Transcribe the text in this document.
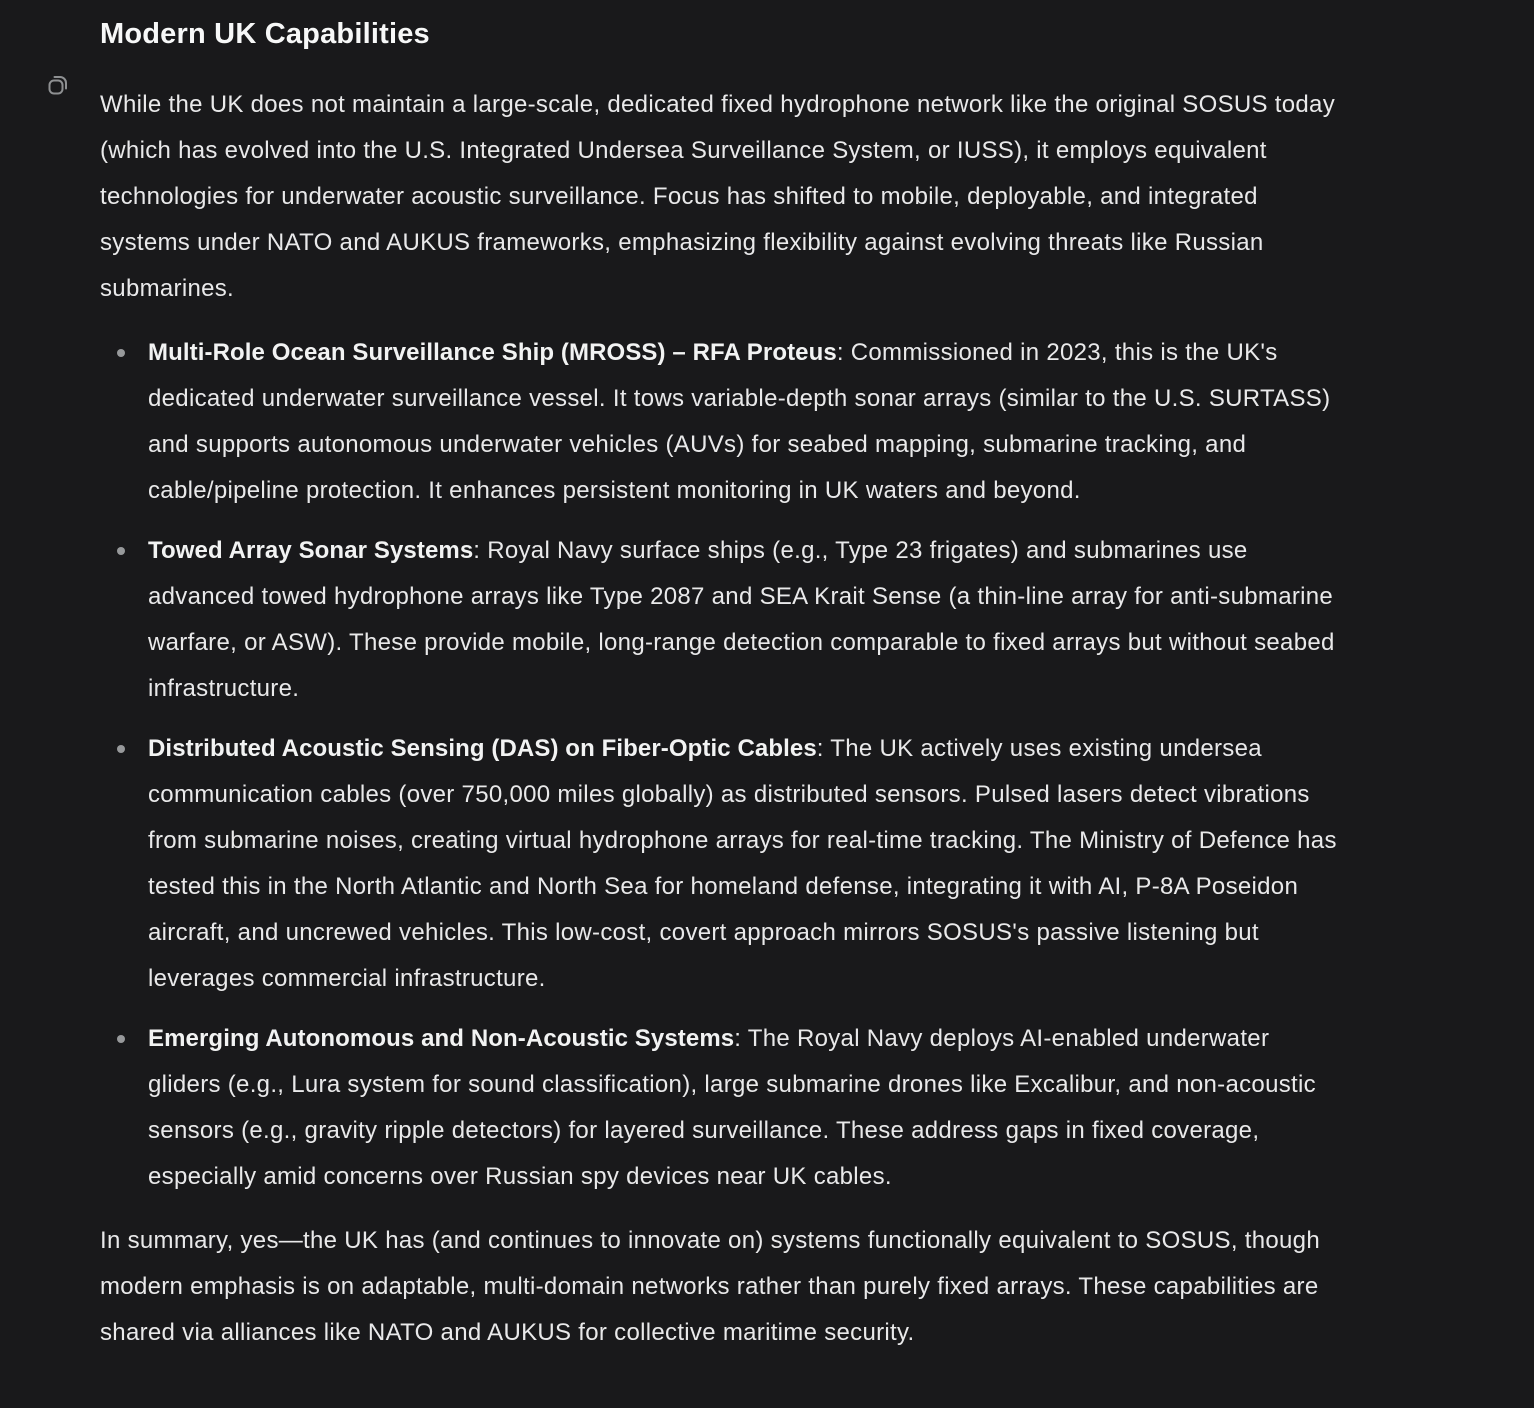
Modern UK Capabilities

While the UK does not maintain a large-scale, dedicated fixed hydrophone network like the original SOSUS today (which has evolved into the U.S. Integrated Undersea Surveillance System, or IUSS), it employs equivalent technologies for underwater acoustic surveillance. Focus has shifted to mobile, deployable, and integrated systems under NATO and AUKUS frameworks, emphasizing flexibility against evolving threats like Russian submarines.

Multi-Role Ocean Surveillance Ship (MROSS) – RFA Proteus: Commissioned in 2023, this is the UK's dedicated underwater surveillance vessel. It tows variable-depth sonar arrays (similar to the U.S. SURTASS) and supports autonomous underwater vehicles (AUVs) for seabed mapping, submarine tracking, and cable/pipeline protection. It enhances persistent monitoring in UK waters and beyond.
Towed Array Sonar Systems: Royal Navy surface ships (e.g., Type 23 frigates) and submarines use advanced towed hydrophone arrays like Type 2087 and SEA Krait Sense (a thin-line array for anti-submarine warfare, or ASW). These provide mobile, long-range detection comparable to fixed arrays but without seabed infrastructure.
Distributed Acoustic Sensing (DAS) on Fiber-Optic Cables: The UK actively uses existing undersea communication cables (over 750,000 miles globally) as distributed sensors. Pulsed lasers detect vibrations from submarine noises, creating virtual hydrophone arrays for real-time tracking. The Ministry of Defence has tested this in the North Atlantic and North Sea for homeland defense, integrating it with AI, P-8A Poseidon aircraft, and uncrewed vehicles. This low-cost, covert approach mirrors SOSUS's passive listening but leverages commercial infrastructure.
Emerging Autonomous and Non-Acoustic Systems: The Royal Navy deploys AI-enabled underwater gliders (e.g., Lura system for sound classification), large submarine drones like Excalibur, and non-acoustic sensors (e.g., gravity ripple detectors) for layered surveillance. These address gaps in fixed coverage, especially amid concerns over Russian spy devices near UK cables.

In summary, yes—the UK has (and continues to innovate on) systems functionally equivalent to SOSUS, though modern emphasis is on adaptable, multi-domain networks rather than purely fixed arrays. These capabilities are shared via alliances like NATO and AUKUS for collective maritime security.
